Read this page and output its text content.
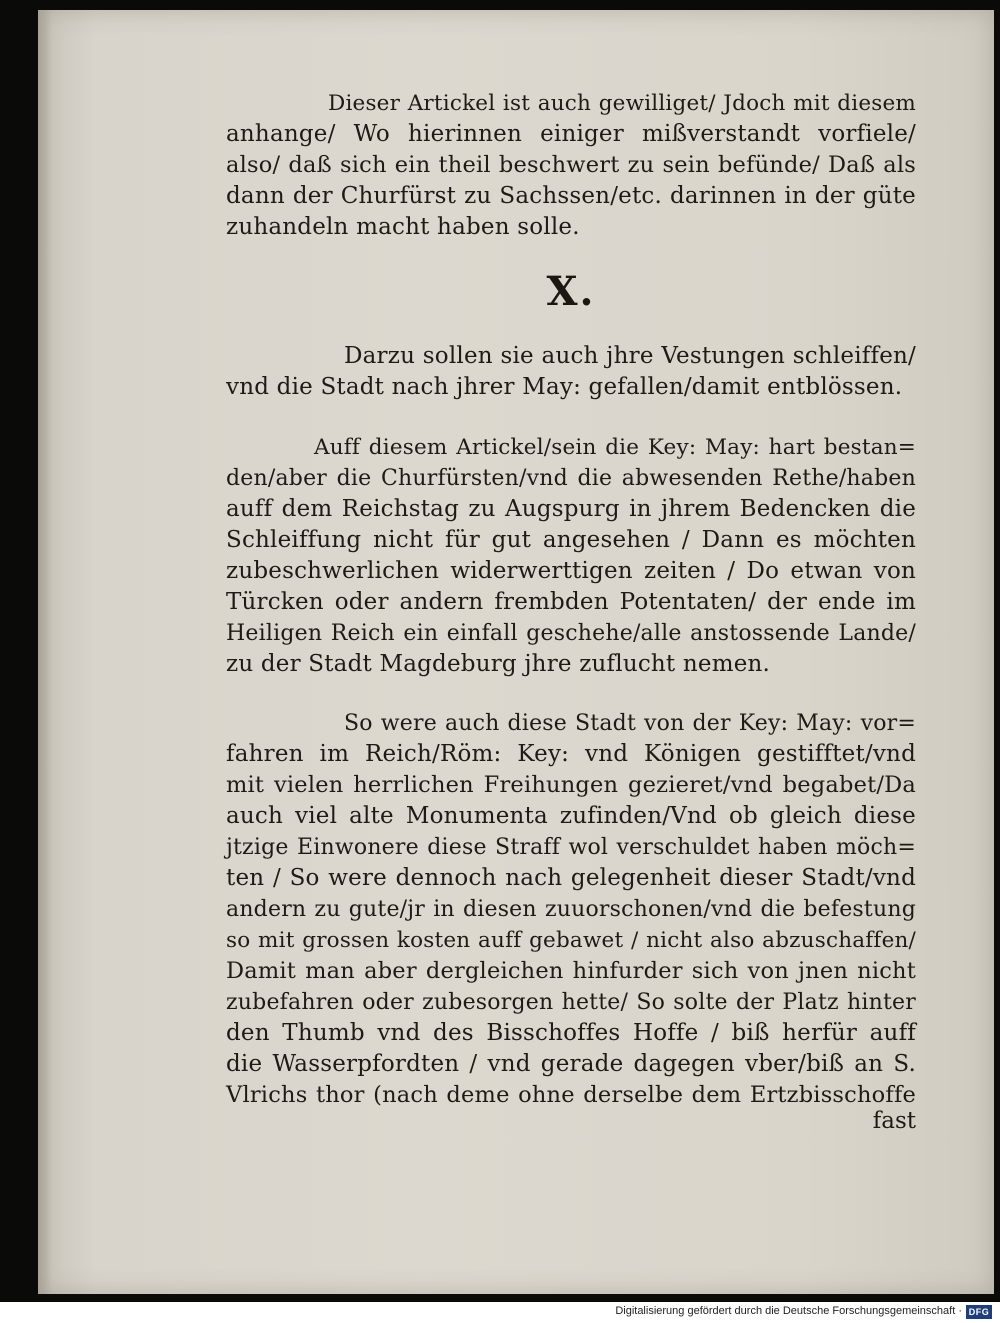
Dieser Artickel ist auch gewilliget/ Jdoch mit diesem

anhange/ Wo hierinnen einiger mißverstandt vorfiele/
also/ daß sich ein theil beschwert zu sein befünde/ Daß als
dann der Churfürst zu Sachssen/etc. darinnen in der güte
zuhandeln macht haben solle.

X.

Darzu sollen sie auch jhre Vestungen schleiffen/

vnd die Stadt nach jhrer May: gefallen/damit entblössen.

Auff diesem Artickel/sein die Key: May: hart bestan=

den/aber die Churfürsten/vnd die abwesenden Rethe/haben
auff dem Reichstag zu Augspurg in jhrem Bedencken die
Schleiffung nicht für gut angesehen / Dann es möchten
zubeschwerlichen widerwerttigen zeiten / Do etwan von
Türcken oder andern frembden Potentaten/ der ende im
Heiligen Reich ein einfall geschehe/alle anstossende Lande/
zu der Stadt Magdeburg jhre zuflucht nemen.

So were auch diese Stadt von der Key: May: vor=

fahren im Reich/Röm: Key: vnd Königen gestifftet/vnd
mit vielen herrlichen Freihungen gezieret/vnd begabet/Da
auch viel alte Monumenta zufinden/Vnd ob gleich diese
jtzige Einwonere diese Straff wol verschuldet haben möch=
ten / So were dennoch nach gelegenheit dieser Stadt/vnd
andern zu gute/jr in diesen zuuorschonen/vnd die befestung
so mit grossen kosten auff gebawet / nicht also abzuschaffen/
Damit man aber dergleichen hinfurder sich von jnen nicht
zubefahren oder zubesorgen hette/ So solte der Platz hinter
den Thumb vnd des Bisschoffes Hoffe / biß herfür auff
die Wasserpfordten / vnd gerade dagegen vber/biß an S.
Vlrichs thor (nach deme ohne derselbe dem Ertzbisschoffe

fast
Digitalisierung gefördert durch die Deutsche Forschungsgemeinschaft · DFG
